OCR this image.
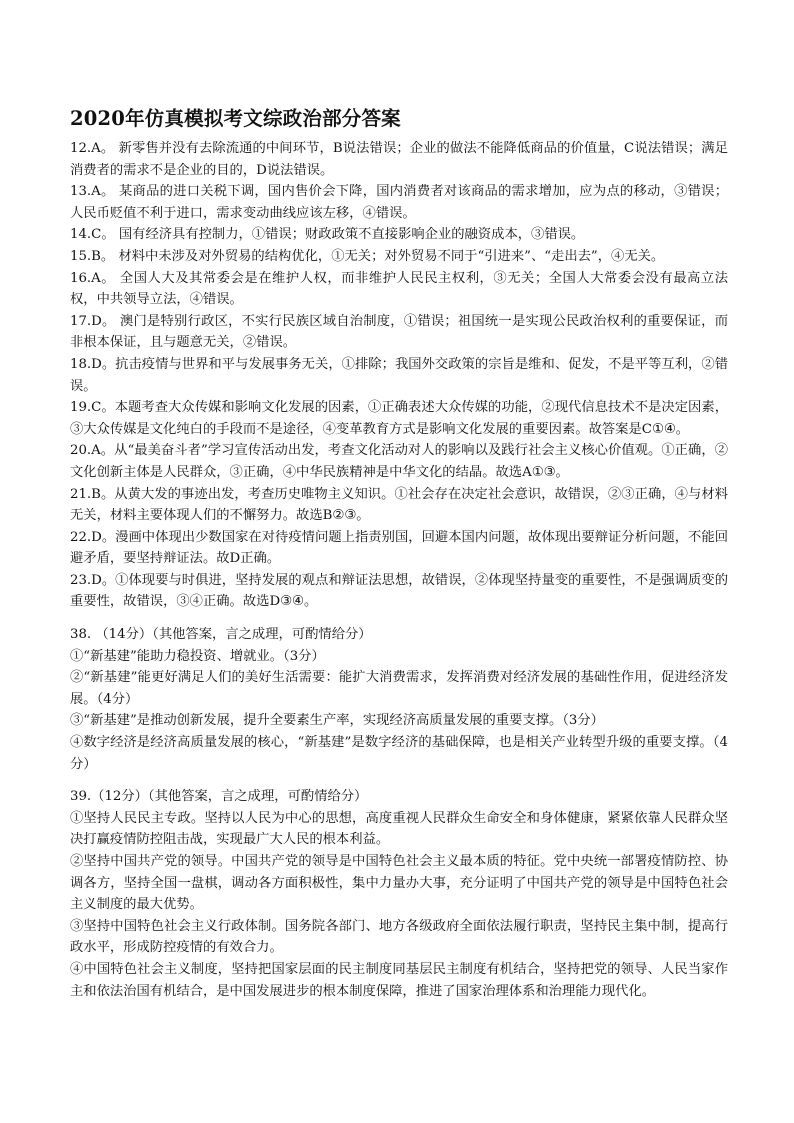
2020年仿真模拟考文综政治部分答案

12.A。 新零售并没有去除流通的中间环节，B说法错误；企业的做法不能降低商品的价值量，C说法错误；满足消费者的需求不是企业的目的，D说法错误。

13.A。 某商品的进口关税下调，国内售价会下降，国内消费者对该商品的需求增加，应为点的移动，③错误；人民币贬值不利于进口，需求变动曲线应该左移，④错误。

14.C。 国有经济具有控制力，①错误；财政政策不直接影响企业的融资成本，③错误。

15.B。 材料中未涉及对外贸易的结构优化，①无关；对外贸易不同于“引进来”、“走出去”，④无关。

16.A。 全国人大及其常委会是在维护人权，而非维护人民民主权利，③无关；全国人大常委会没有最高立法权，中共领导立法，④错误。

17.D。 澳门是特别行政区，不实行民族区域自治制度，①错误；祖国统一是实现公民政治权利的重要保证，而非根本保证，且与题意无关，②错误。

18.D。抗击疫情与世界和平与发展事务无关，①排除；我国外交政策的宗旨是维和、促发，不是平等互利，②错误。

19.C。本题考查大众传媒和影响文化发展的因素，①正确表述大众传媒的功能，②现代信息技术不是决定因素，③大众传媒是文化纯白的手段而不是途径，④变革教育方式是影响文化发展的重要因素。故答案是C①④。

20.A。从“最美奋斗者”学习宣传活动出发，考查文化活动对人的影响以及践行社会主义核心价值观。①正确，②文化创新主体是人民群众，③正确，④中华民族精神是中华文化的结晶。故选A①③。

21.B。从黄大发的事迹出发，考查历史唯物主义知识。①社会存在决定社会意识，故错误，②③正确，④与材料无关，材料主要体现人们的不懈努力。故选B②③。

22.D。漫画中体现出少数国家在对待疫情问题上指责别国，回避本国内问题，故体现出要辩证分析问题，不能回避矛盾，要坚持辩证法。故D正确。

23.D。①体现要与时俱进，坚持发展的观点和辩证法思想，故错误，②体现坚持量变的重要性，不是强调质变的重要性，故错误，③④正确。故选D③④。

38. （14分）（其他答案，言之成理，可酌情给分）

①“新基建”能助力稳投资、增就业。（3分）

②“新基建”能更好满足人们的美好生活需要：能扩大消费需求，发挥消费对经济发展的基础性作用，促进经济发展。（4分）

③“新基建”是推动创新发展，提升全要素生产率，实现经济高质量发展的重要支撑。（3分）

④数字经济是经济高质量发展的核心，“新基建”是数字经济的基础保障，也是相关产业转型升级的重要支撑。（4分）

39.（12分）（其他答案，言之成理，可酌情给分）

①坚持人民民主专政。坚持以人民为中心的思想，高度重视人民群众生命安全和身体健康，紧紧依靠人民群众坚决打赢疫情防控阻击战，实现最广大人民的根本利益。

②坚持中国共产党的领导。中国共产党的领导是中国特色社会主义最本质的特征。党中央统一部署疫情防控、协调各方，坚持全国一盘棋，调动各方面积极性，集中力量办大事，充分证明了中国共产党的领导是中国特色社会主义制度的最大优势。

③坚持中国特色社会主义行政体制。国务院各部门、地方各级政府全面依法履行职责，坚持民主集中制，提高行政水平，形成防控疫情的有效合力。

④中国特色社会主义制度，坚持把国家层面的民主制度同基层民主制度有机结合，坚持把党的领导、人民当家作主和依法治国有机结合，是中国发展进步的根本制度保障，推进了国家治理体系和治理能力现代化。
